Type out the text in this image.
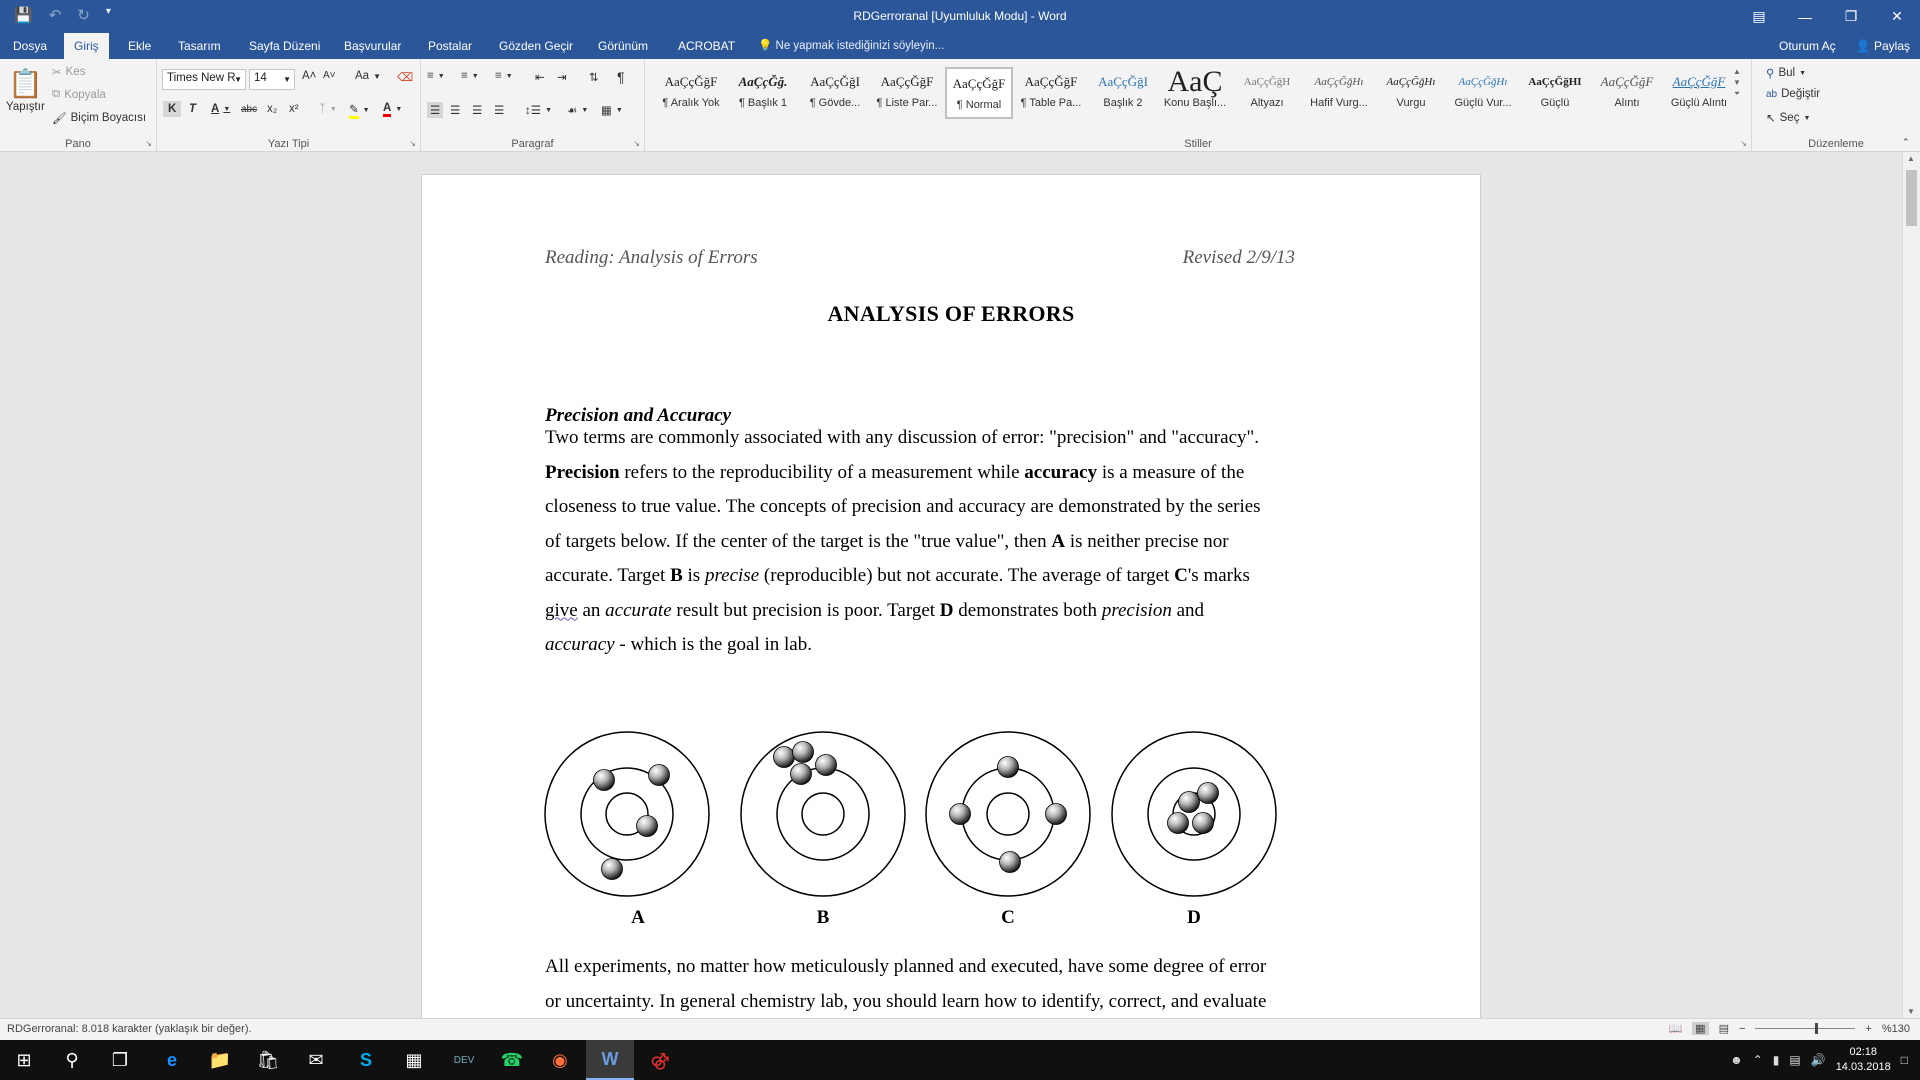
💾 ↶ ↻ ▾	RDGerroranal [Uyumluluk Modu] - Word	▤	—	❐	✕
Dosya	Giriş	Ekle	Tasarım	Sayfa Düzeni	Başvurular	Postalar	Gözden Geçir	Görünüm	ACROBAT	💡 Ne yapmak istediğinizi söyleyin...	Oturum Aç	👤 Paylaş
📋
Yapıştır
✂ Kes
⧉ Kopyala
🖌 Biçim Boyacısı
Pano	↘
Times New R
▼	14 ▼ A˄ A˅ Aa ▼ ⌫
K T A ▼ abc x₂ x² ᛉ ▼ ✎ ▼ A ▼
Yazı Tipi	↘
≡ ▼ ≡ ▼ ≡ ▼ ⇤ ⇥ ⇅ ¶
☰ ☰ ☰ ☰ ↕☰ ▼ ☙ ▼ ▦ ▼
Paragraf	↘
AaÇçĞğF
¶ Aralık Yok
AaÇçĞğ.
¶ Başlık 1
AaÇçĞğI
¶ Gövde...
AaÇçĞğF
¶ Liste Par...
AaÇçĞğF
¶ Normal
AaÇçĞğF
¶ Table Pa...
AaÇçĞğI
Başlık 2
AaÇ
Konu Başlı...
AaÇçĞğH
Altyazı
AaÇçĞğHı
Hafif Vurg...
AaÇçĞğHı
Vurgu
AaÇçĞğHı
Güçlü Vur...
AaÇçĞğHI
Güçlü
AaÇçĞğF
Alıntı
AaÇçĞğF
Güçlü Alıntı
▲
▼
⏷
Stiller	↘
⚲ Bul ▼
ab Değiştir
↖ Seç ▼
Düzenleme	⌃
Reading: Analysis of Errors	Revised 2/9/13
ANALYSIS OF ERRORS
Precision and Accuracy
Two terms are commonly associated with any discussion of error: "precision" and "accuracy".
Precision refers to the reproducibility of a measurement while accuracy is a measure of the
closeness to true value. The concepts of precision and accuracy are demonstrated by the series
of targets below. If the center of the target is the "true value", then A is neither precise nor
accurate. Target B is precise (reproducible) but not accurate. The average of target C's marks
give an accurate result but precision is poor. Target D demonstrates both precision and
accuracy - which is the goal in lab.
A	B	C	D
All experiments, no matter how meticulously planned and executed, have some degree of error
or uncertainty. In general chemistry lab, you should learn how to identify, correct, and evaluate
▲
▼
RDGerroranal: 8.018 karakter (yaklaşık bir değer).	📖 ▦ ▤ −	+ %130
⊞	⚲	❐	e	📁	🛍	✉	S	▦	DEV	☎	◉	W	⚣	☻ ⌃ ▮ ▤ 🔊
02:18
14.03.2018 □
